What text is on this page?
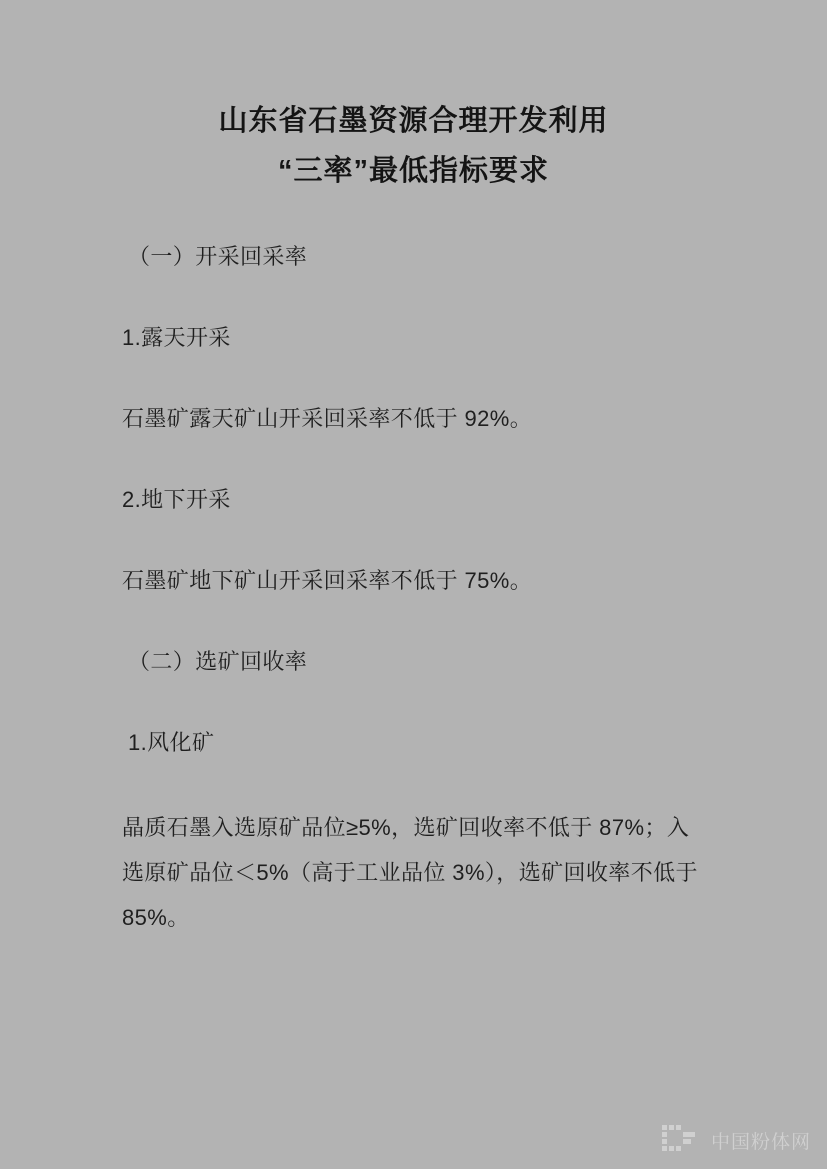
山东省石墨资源合理开发利用
“三率”最低指标要求

（一）开采回采率

1.露天开采

石墨矿露天矿山开采回采率不低于 92%。

2.地下开采

石墨矿地下矿山开采回采率不低于 75%。

（二）选矿回收率

1.风化矿

晶质石墨入选原矿品位≥5%，选矿回收率不低于 87%；入选原矿品位＜5%（高于工业品位 3%），选矿回收率不低于 85%。

中国粉体网
